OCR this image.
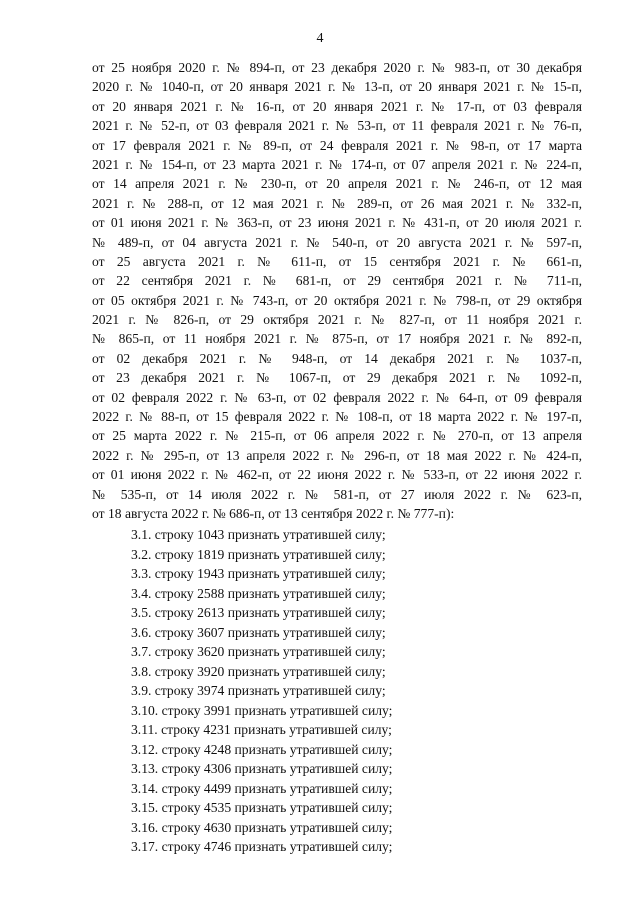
4
от 25 ноября 2020 г. № 894-п, от 23 декабря 2020 г. № 983-п, от 30 декабря
2020 г. № 1040-п, от 20 января 2021 г. № 13-п, от 20 января 2021 г. № 15-п,
от 20 января 2021 г. № 16-п, от 20 января 2021 г. № 17-п, от 03 февраля
2021 г. № 52-п, от 03 февраля 2021 г. № 53-п, от 11 февраля 2021 г. № 76-п,
от 17 февраля 2021 г. № 89-п, от 24 февраля 2021 г. № 98-п, от 17 марта
2021 г. № 154-п, от 23 марта 2021 г. № 174-п, от 07 апреля 2021 г. № 224-п,
от 14 апреля 2021 г. № 230-п, от 20 апреля 2021 г. № 246-п, от 12 мая
2021 г. № 288-п, от 12 мая 2021 г. № 289-п, от 26 мая 2021 г. № 332-п,
от 01 июня 2021 г. № 363-п, от 23 июня 2021 г. № 431-п, от 20 июля 2021 г.
№ 489-п, от 04 августа 2021 г. № 540-п, от 20 августа 2021 г. № 597-п,
от 25 августа 2021 г. № 611-п, от 15 сентября 2021 г. № 661-п,
от 22 сентября 2021 г. № 681-п, от 29 сентября 2021 г. № 711-п,
от 05 октября 2021 г. № 743-п, от 20 октября 2021 г. № 798-п, от 29 октября
2021 г. № 826-п, от 29 октября 2021 г. № 827-п, от 11 ноября 2021 г.
№ 865-п, от 11 ноября 2021 г. № 875-п, от 17 ноября 2021 г. № 892-п,
от 02 декабря 2021 г. № 948-п, от 14 декабря 2021 г. № 1037-п,
от 23 декабря 2021 г. № 1067-п, от 29 декабря 2021 г. № 1092-п,
от 02 февраля 2022 г. № 63-п, от 02 февраля 2022 г. № 64-п, от 09 февраля
2022 г. № 88-п, от 15 февраля 2022 г. № 108-п, от 18 марта 2022 г. № 197-п,
от 25 марта 2022 г. № 215-п, от 06 апреля 2022 г. № 270-п, от 13 апреля
2022 г. № 295-п, от 13 апреля 2022 г. № 296-п, от 18 мая 2022 г. № 424-п,
от 01 июня 2022 г. № 462-п, от 22 июня 2022 г. № 533-п, от 22 июня 2022 г.
№ 535-п, от 14 июля 2022 г. № 581-п, от 27 июля 2022 г. № 623-п,
от 18 августа 2022 г. № 686-п, от 13 сентября 2022 г. № 777-п):
3.1. строку 1043 признать утратившей силу;
3.2. строку 1819 признать утратившей силу;
3.3. строку 1943 признать утратившей силу;
3.4. строку 2588 признать утратившей силу;
3.5. строку 2613 признать утратившей силу;
3.6. строку 3607 признать утратившей силу;
3.7. строку 3620 признать утратившей силу;
3.8. строку 3920 признать утратившей силу;
3.9. строку 3974 признать утратившей силу;
3.10. строку 3991 признать утратившей силу;
3.11. строку 4231 признать утратившей силу;
3.12. строку 4248 признать утратившей силу;
3.13. строку 4306 признать утратившей силу;
3.14. строку 4499 признать утратившей силу;
3.15. строку 4535 признать утратившей силу;
3.16. строку 4630 признать утратившей силу;
3.17. строку 4746 признать утратившей силу;
